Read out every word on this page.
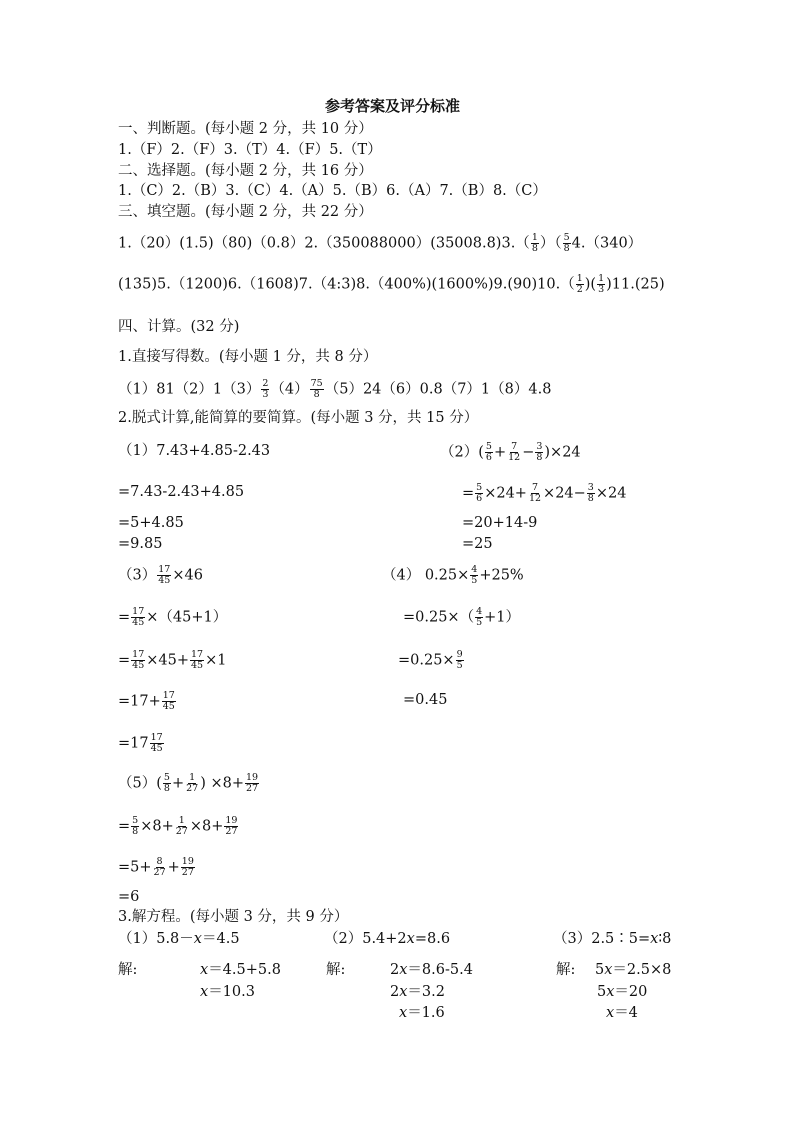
参考答案及评分标准
一、判断题。(每小题 2 分，共 10 分）
1.（F）2.（F）3.（T）4.（F）5.（T）
二、选择题。(每小题 2 分，共 16 分）
1.（C）2.（B）3.（C）4.（A）5.（B）6.（A）7.（B）8.（C）
三、填空题。(每小题 2 分，共 22 分）
$1.(20)(1.5)(80)(0.8)2.(350088000)(35008.8)3.( \frac{1}{8}$ ）（ $\frac{5}{8} 4.(340)$
(135)5.（1200)6.（1608)7.（4:3)8.（400%)(1600%)9.(90)10.（ $\frac{1}{2}$ )( $\frac{1}{3} )11.(25)$
四、计算。(32 分)
1.直接写得数。(每小题 1 分，共 8 分）
$(1)81(2)1(3) \frac{2}{3} (4) \frac{75}{8} (5)24(6)0.8(7)1(8)4.8$
2.脱式计算,能简算的要简算。(每小题 3 分，共 15 分）
（1）7.43+4.85-2.43
=7.43-2.43+4.85
=5+4.85
=9.85
$(2)( \frac{5}{6} + \frac{7}{12} - \frac{3}{8} )\times 24$
= $\frac{5}{6} \times 24+ \frac{7}{12} \times 24- \frac{3}{8} \times 24$
=20+14-9
=25
$(3) \frac{17}{45} \times 46$
= $\frac{17}{45} \times(45+1)$
= $\frac{17}{45} \times 45+ \frac{17}{45} \times 1$
$=17+ \frac{17}{45}$
$=17 \frac{17}{45}$
（4） $0.25\times \frac{4}{5} +25\%$
$=0.25\times( \frac{4}{5} +1)$
$=0.25\times \frac{9}{5}$
=0.45
$(5)( \frac{5}{8} + \frac{1}{27}$ ) $\times 8+ \frac{19}{27}$
= $\frac{5}{8} \times 8+ \frac{1}{27} \times 8+ \frac{19}{27}$
$=5+ \frac{8}{27} + \frac{19}{27}$
=6
3.解方程。(每小题 3 分，共 9 分）
（1）5.8－x＝4.5
解:	x＝4.5+5.8
x＝10.3
（2）5.4+2x=8.6
解:	2x＝8.6-5.4
2x＝3.2
x＝1.6
（3）2.5∶5=x∶8
解: 5x＝2.5×8
5x＝20
x＝4
